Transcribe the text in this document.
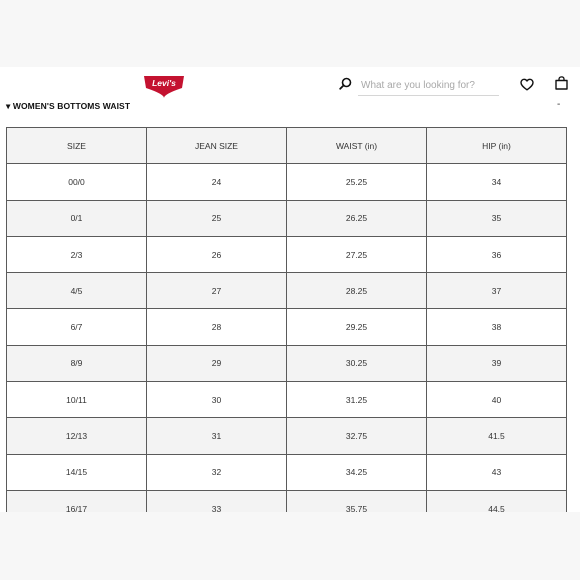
Levi's
What are you looking for?
▾ WOMEN'S BOTTOMS WAIST	-
SIZE	JEAN SIZE	WAIST (in)	HIP (in)
00/0	24	25.25	34
0/1	25	26.25	35
2/3	26	27.25	36
4/5	27	28.25	37
6/7	28	29.25	38
8/9	29	30.25	39
10/11	30	31.25	40
12/13	31	32.75	41.5
14/15	32	34.25	43
16/17	33	35.75	44.5
